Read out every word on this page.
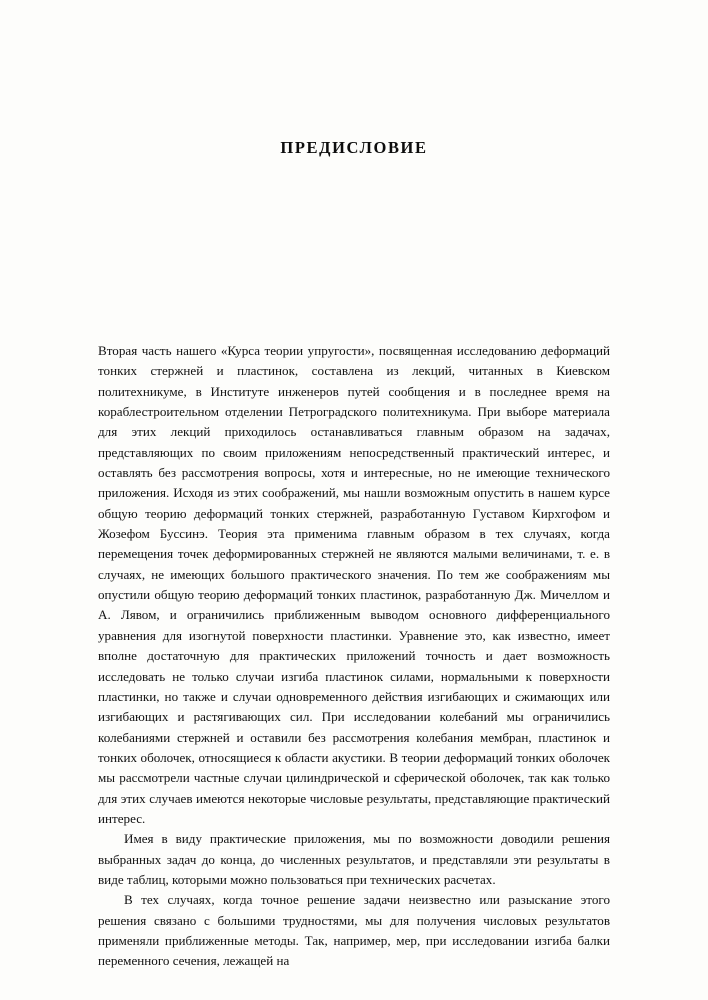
ПРЕДИСЛОВИЕ

Вторая часть нашего «Курса теории упругости», посвященная исследованию деформаций тонких стержней и пластинок, составлена из лекций, читанных в Киевском политехникуме, в Институте инженеров путей сообщения и в последнее время на кораблестроительном отделении Петроградского политехникума. При выборе материала для этих лекций приходилось останавливаться главным образом на задачах, представляющих по своим приложениям непосредственный практический интерес, и оставлять без рассмотрения вопросы, хотя и интересные, но не имеющие технического приложения. Исходя из этих соображений, мы нашли возможным опустить в нашем курсе общую теорию деформаций тонких стержней, разработанную Густавом Кирхгофом и Жозефом Буссинэ. Теория эта применима главным образом в тех случаях, когда перемещения точек деформированных стержней не являются малыми величинами, т. е. в случаях, не имеющих большого практического значения. По тем же соображениям мы опустили общую теорию деформаций тонких пластинок, разработанную Дж. Мичеллом и А. Лявом, и ограничились приближенным выводом основного дифференциального уравнения для изогнутой поверхности пластинки. Уравнение это, как известно, имеет вполне достаточную для практических приложений точность и дает возможность исследовать не только случаи изгиба пластинок силами, нормальными к поверхности пластинки, но также и случаи одновременного действия изгибающих и сжимающих или изгибающих и растягивающих сил. При исследовании колебаний мы ограничились колебаниями стержней и оставили без рассмотрения колебания мембран, пластинок и тонких оболочек, относящиеся к области акустики. В теории деформаций тонких оболочек мы рассмотрели частные случаи цилиндрической и сферической оболочек, так как только для этих случаев имеются некоторые числовые результаты, представляющие практический интерес.

Имея в виду практические приложения, мы по возможности доводили решения выбранных задач до конца, до численных результатов, и представляли эти результаты в виде таблиц, которыми можно пользоваться при технических расчетах.

В тех случаях, когда точное решение задачи неизвестно или разыскание этого решения связано с большими трудностями, мы для получения числовых результатов применяли приближенные методы. Так, например, мер, при исследовании изгиба балки переменного сечения, лежащей на
